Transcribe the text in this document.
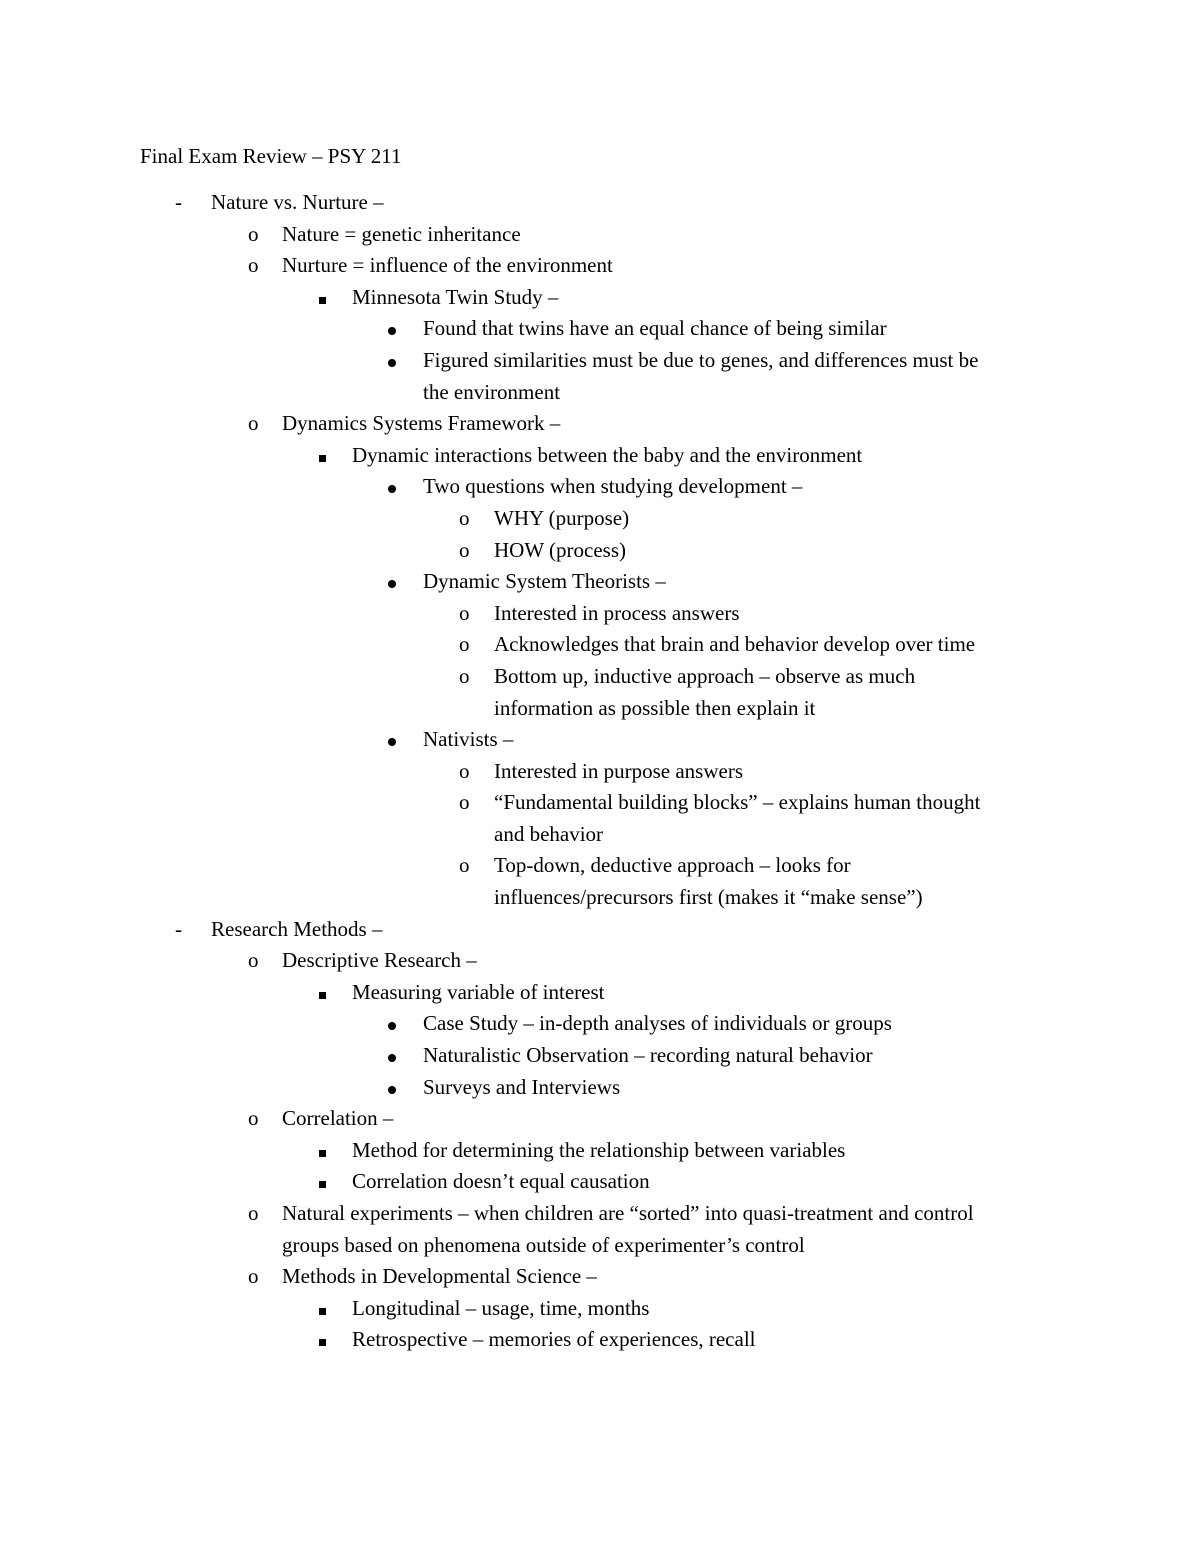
Final Exam Review – PSY 211
- Nature vs. Nurture –
o Nature = genetic inheritance
o Nurture = influence of the environment
Minnesota Twin Study –
Found that twins have an equal chance of being similar
Figured similarities must be due to genes, and differences must be
the environment
o Dynamics Systems Framework –
Dynamic interactions between the baby and the environment
Two questions when studying development –
o WHY (purpose)
o HOW (process)
Dynamic System Theorists –
o Interested in process answers
o Acknowledges that brain and behavior develop over time
o Bottom up, inductive approach – observe as much
information as possible then explain it
Nativists –
o Interested in purpose answers
o “Fundamental building blocks” – explains human thought
and behavior
o Top-down, deductive approach – looks for
influences/precursors first (makes it “make sense”)
- Research Methods –
o Descriptive Research –
Measuring variable of interest
Case Study – in-depth analyses of individuals or groups
Naturalistic Observation – recording natural behavior
Surveys and Interviews
o Correlation –
Method for determining the relationship between variables
Correlation doesn’t equal causation
o Natural experiments – when children are “sorted” into quasi-treatment and control
groups based on phenomena outside of experimenter’s control
o Methods in Developmental Science –
Longitudinal – usage, time, months
Retrospective – memories of experiences, recall
